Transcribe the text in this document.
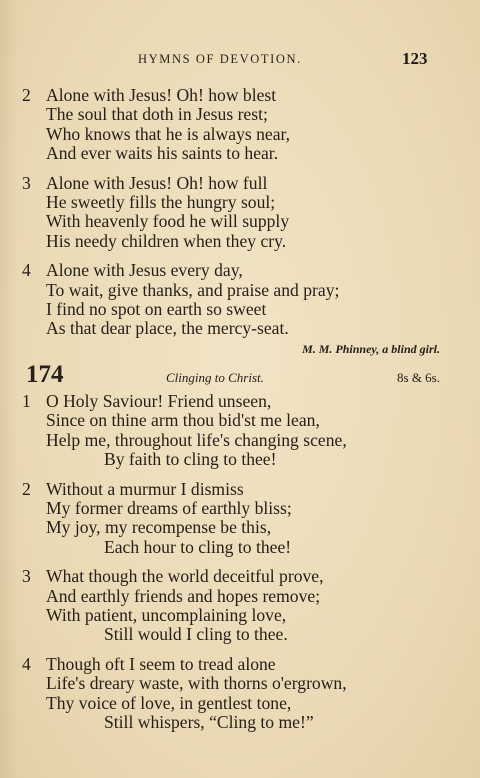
HYMNS OF DEVOTION.	123
2 Alone with Jesus! Oh! how blest
The soul that doth in Jesus rest;
Who knows that he is always near,
And ever waits his saints to hear.
3 Alone with Jesus! Oh! how full
He sweetly fills the hungry soul;
With heavenly food he will supply
His needy children when they cry.
4 Alone with Jesus every day,
To wait, give thanks, and praise and pray;
I find no spot on earth so sweet
As that dear place, the mercy-seat.
M. M. Phinney, a blind girl.
174	Clinging to Christ.	8s & 6s.
1 O Holy Saviour! Friend unseen,
Since on thine arm thou bid'st me lean,
Help me, throughout life's changing scene,
By faith to cling to thee!
2 Without a murmur I dismiss
My former dreams of earthly bliss;
My joy, my recompense be this,
Each hour to cling to thee!
3 What though the world deceitful prove,
And earthly friends and hopes remove;
With patient, uncomplaining love,
Still would I cling to thee.
4 Though oft I seem to tread alone
Life's dreary waste, with thorns o'ergrown,
Thy voice of love, in gentlest tone,
Still whispers, “Cling to me!”
